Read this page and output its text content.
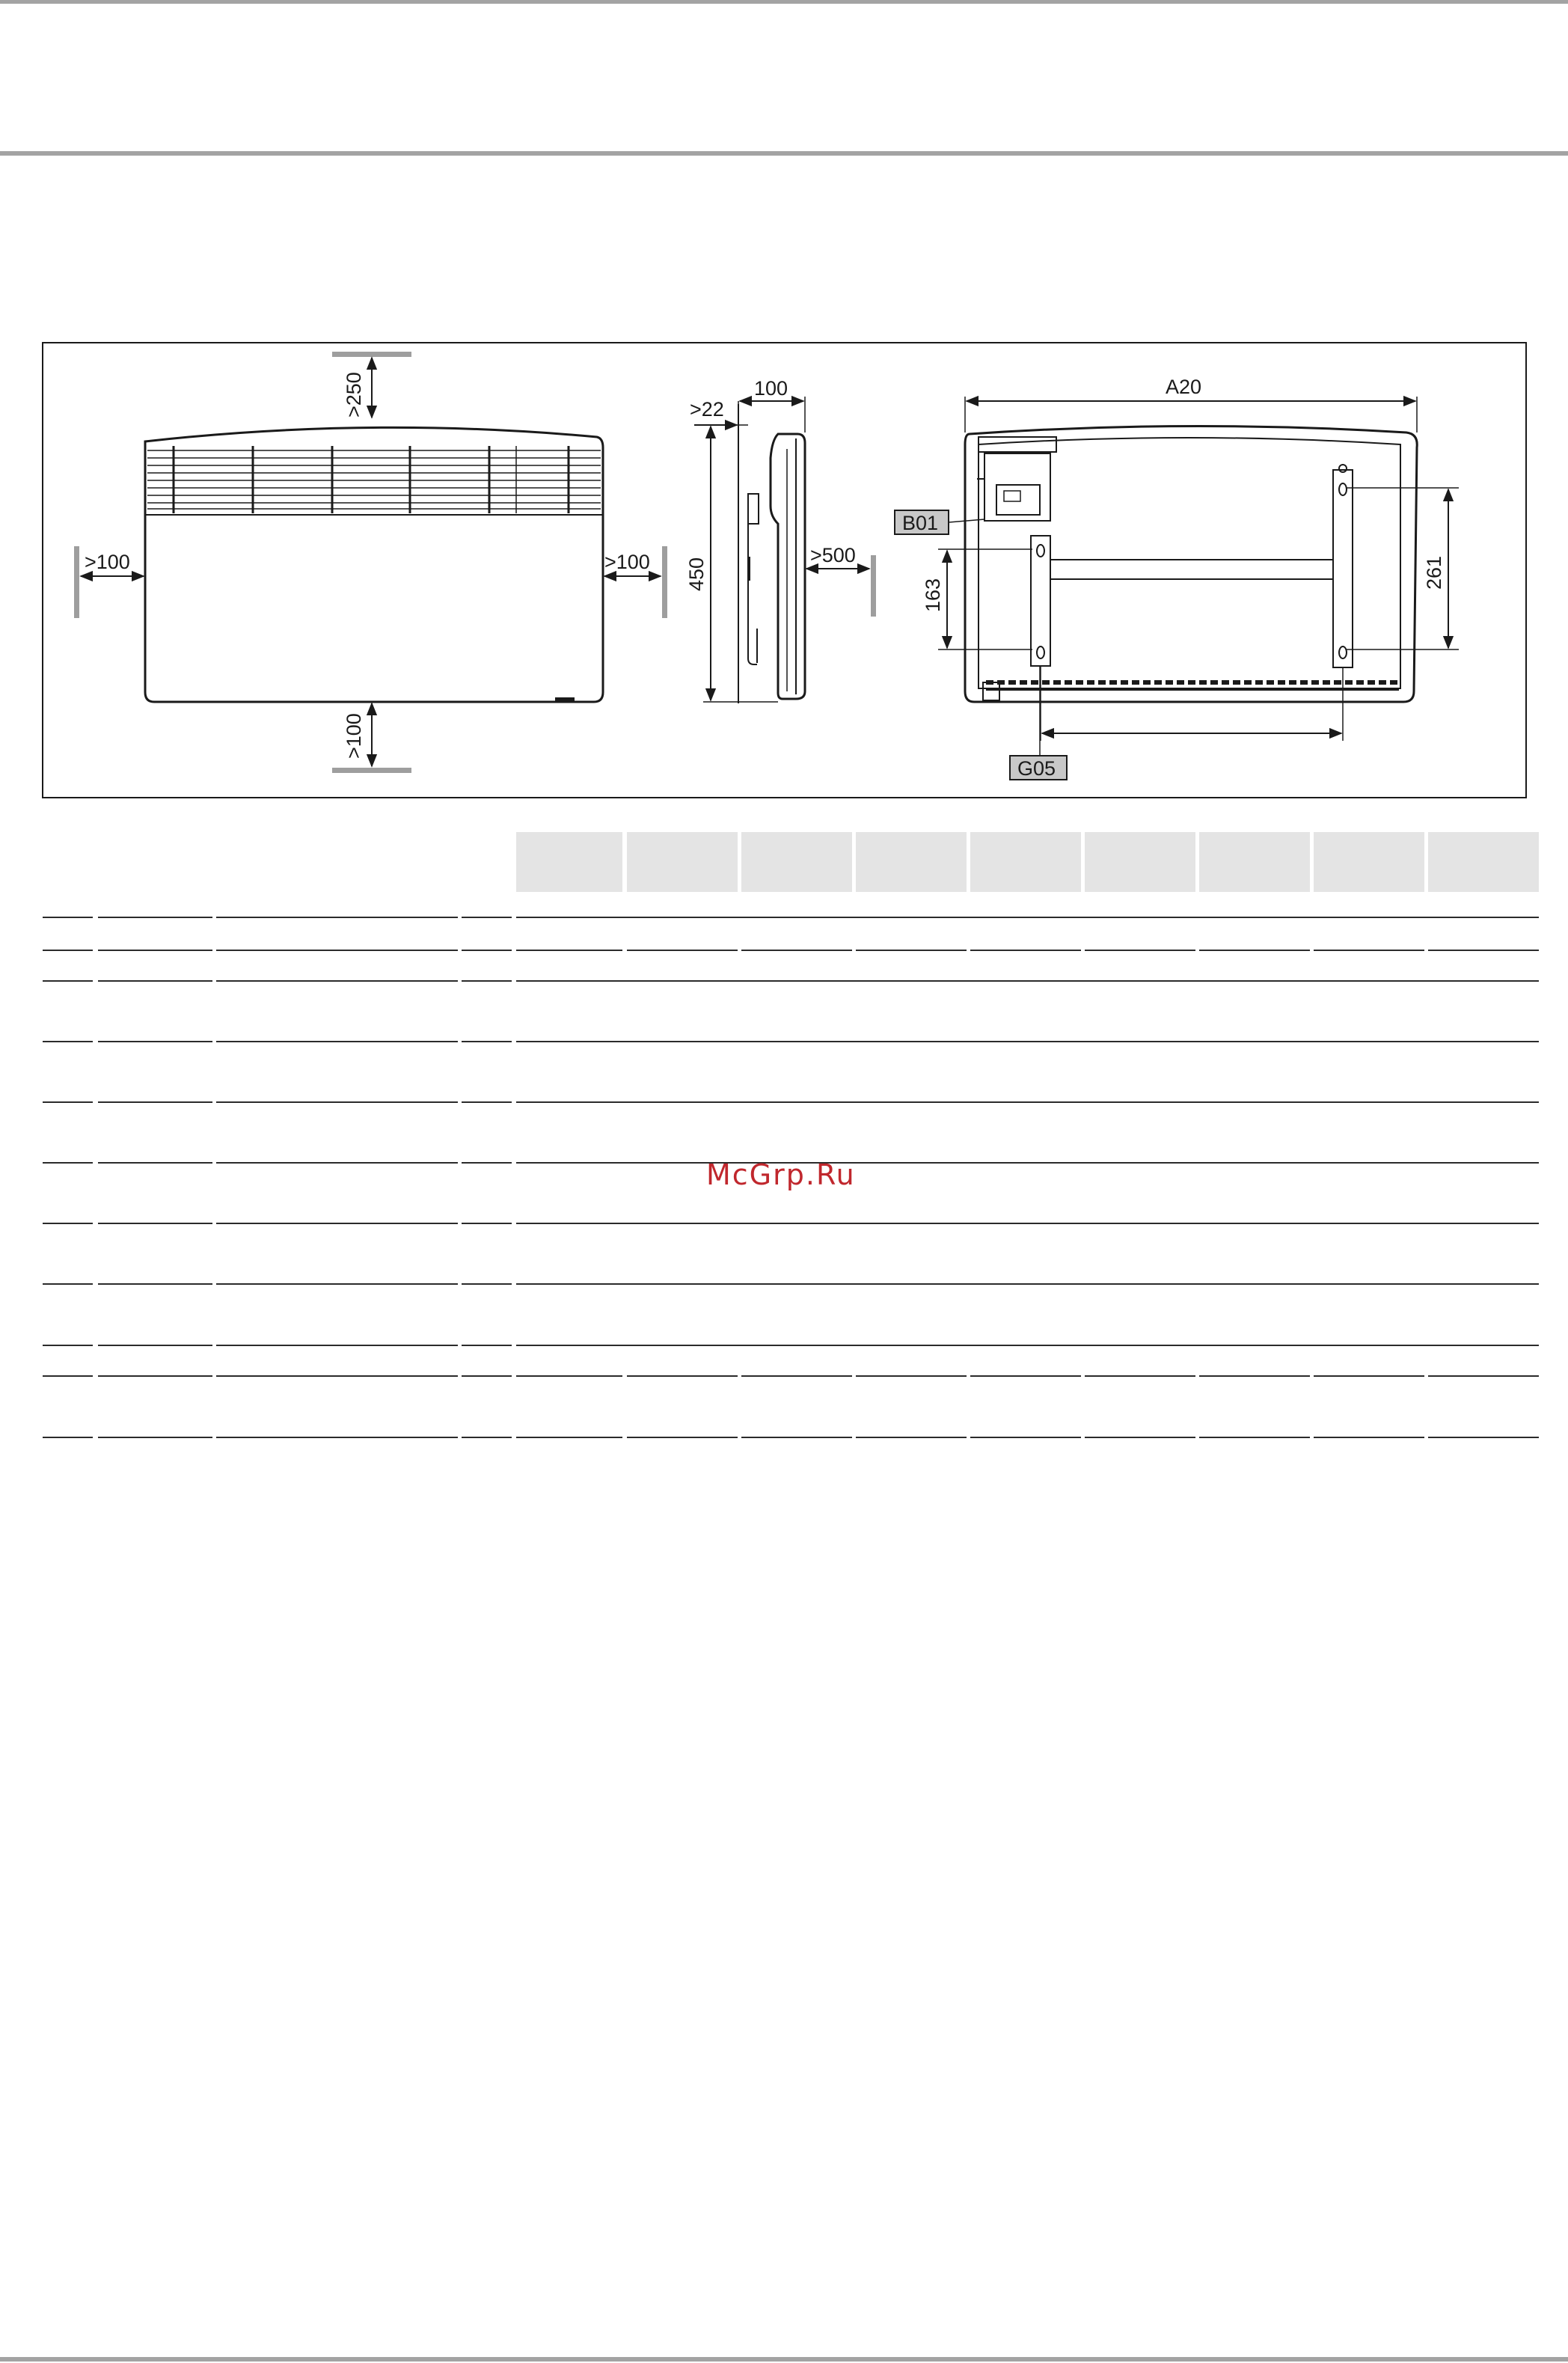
>250
>100
>100	>100
100
>22
450
>500
A20
261
163
B01
G05
McGrp.Ru
